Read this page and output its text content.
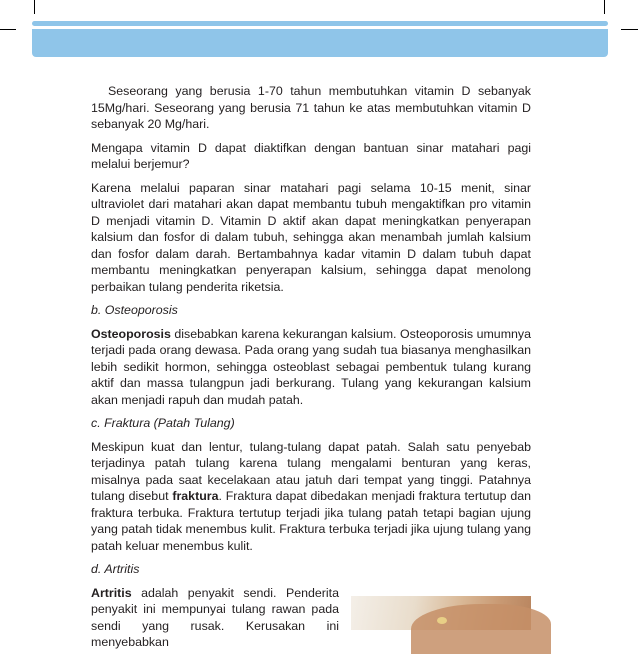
Seseorang yang berusia 1-70 tahun membutuhkan vitamin D sebanyak 15Mg/hari. Seseorang yang berusia 71 tahun ke atas membutuhkan vitamin D sebanyak 20 Mg/hari.

Mengapa vitamin D dapat diaktifkan dengan bantuan sinar matahari pagi melalui berjemur?

Karena melalui paparan sinar matahari pagi selama 10-15 menit, sinar ultraviolet dari matahari akan dapat membantu tubuh mengaktifkan pro vitamin D menjadi vitamin D. Vitamin D aktif akan dapat meningkatkan penyerapan kalsium dan fosfor di dalam tubuh, sehingga akan menambah jumlah kalsium dan fosfor dalam darah. Bertambahnya kadar vitamin D dalam tubuh dapat membantu meningkatkan penyerapan kalsium, sehingga dapat menolong perbaikan tulang penderita riketsia.

b. Osteoporosis

Osteoporosis disebabkan karena kekurangan kalsium. Osteoporosis umumnya terjadi pada orang dewasa. Pada orang yang sudah tua biasanya menghasilkan lebih sedikit hormon, sehingga osteoblast sebagai pembentuk tulang kurang aktif dan massa tulangpun jadi berkurang. Tulang yang kekurangan kalsium akan menjadi rapuh dan mudah patah.

c. Fraktura (Patah Tulang)

Meskipun kuat dan lentur, tulang-tulang dapat patah. Salah satu penyebab terjadinya patah tulang karena tulang mengalami benturan yang keras, misalnya pada saat kecelakaan atau jatuh dari tempat yang tinggi. Patahnya tulang disebut fraktura. Fraktura dapat dibedakan menjadi fraktura tertutup dan fraktura terbuka. Fraktura tertutup terjadi jika tulang patah tetapi bagian ujung yang patah tidak menembus kulit. Fraktura terbuka terjadi jika ujung tulang yang patah keluar menembus kulit.

d. Artritis

Artritis adalah penyakit sendi. Penderita penyakit ini mempunyai tulang rawan pada sendi yang rusak. Kerusakan ini menyebabkan
